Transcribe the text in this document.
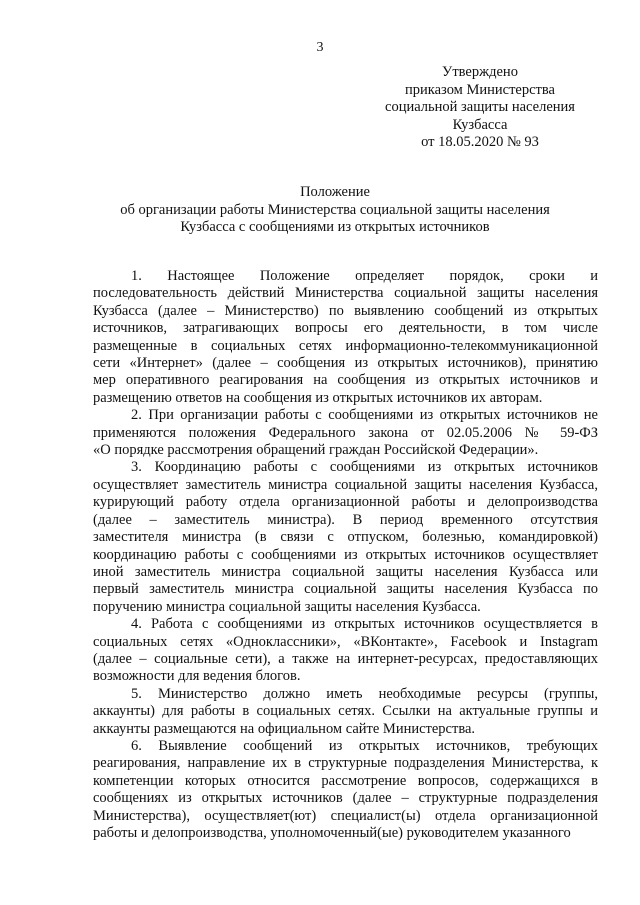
3
Утверждено
приказом Министерства
социальной защиты населения
Кузбасса
от 18.05.2020 № 93
Положение
об организации работы Министерства социальной защиты населения
Кузбасса с сообщениями из открытых источников

1. Настоящее Положение определяет порядок, сроки и
последовательность действий Министерства социальной защиты населения
Кузбасса (далее – Министерство) по выявлению сообщений из открытых
источников, затрагивающих вопросы его деятельности, в том числе
размещенные в социальных сетях информационно-телекоммуникационной
сети «Интернет» (далее – сообщения из открытых источников), принятию
мер оперативного реагирования на сообщения из открытых источников и
размещению ответов на сообщения из открытых источников их авторам.

2. При организации работы с сообщениями из открытых источников не
применяются положения Федерального закона от 02.05.2006 № 59-ФЗ
«О порядке рассмотрения обращений граждан Российской Федерации».

3. Координацию работы с сообщениями из открытых источников
осуществляет заместитель министра социальной защиты населения Кузбасса,
курирующий работу отдела организационной работы и делопроизводства
(далее – заместитель министра). В период временного отсутствия
заместителя министра (в связи с отпуском, болезнью, командировкой)
координацию работы с сообщениями из открытых источников осуществляет
иной заместитель министра социальной защиты населения Кузбасса или
первый заместитель министра социальной защиты населения Кузбасса по
поручению министра социальной защиты населения Кузбасса.

4. Работа с сообщениями из открытых источников осуществляется в
социальных сетях «Одноклассники», «ВКонтакте», Facebook и Instagram
(далее – социальные сети), а также на интернет-ресурсах, предоставляющих
возможности для ведения блогов.

5. Министерство должно иметь необходимые ресурсы (группы,
аккаунты) для работы в социальных сетях. Ссылки на актуальные группы и
аккаунты размещаются на официальном сайте Министерства.

6. Выявление сообщений из открытых источников, требующих
реагирования, направление их в структурные подразделения Министерства, к
компетенции которых относится рассмотрение вопросов, содержащихся в
сообщениях из открытых источников (далее – структурные подразделения
Министерства), осуществляет(ют) специалист(ы) отдела организационной
работы и делопроизводства, уполномоченный(ые) руководителем указанного
